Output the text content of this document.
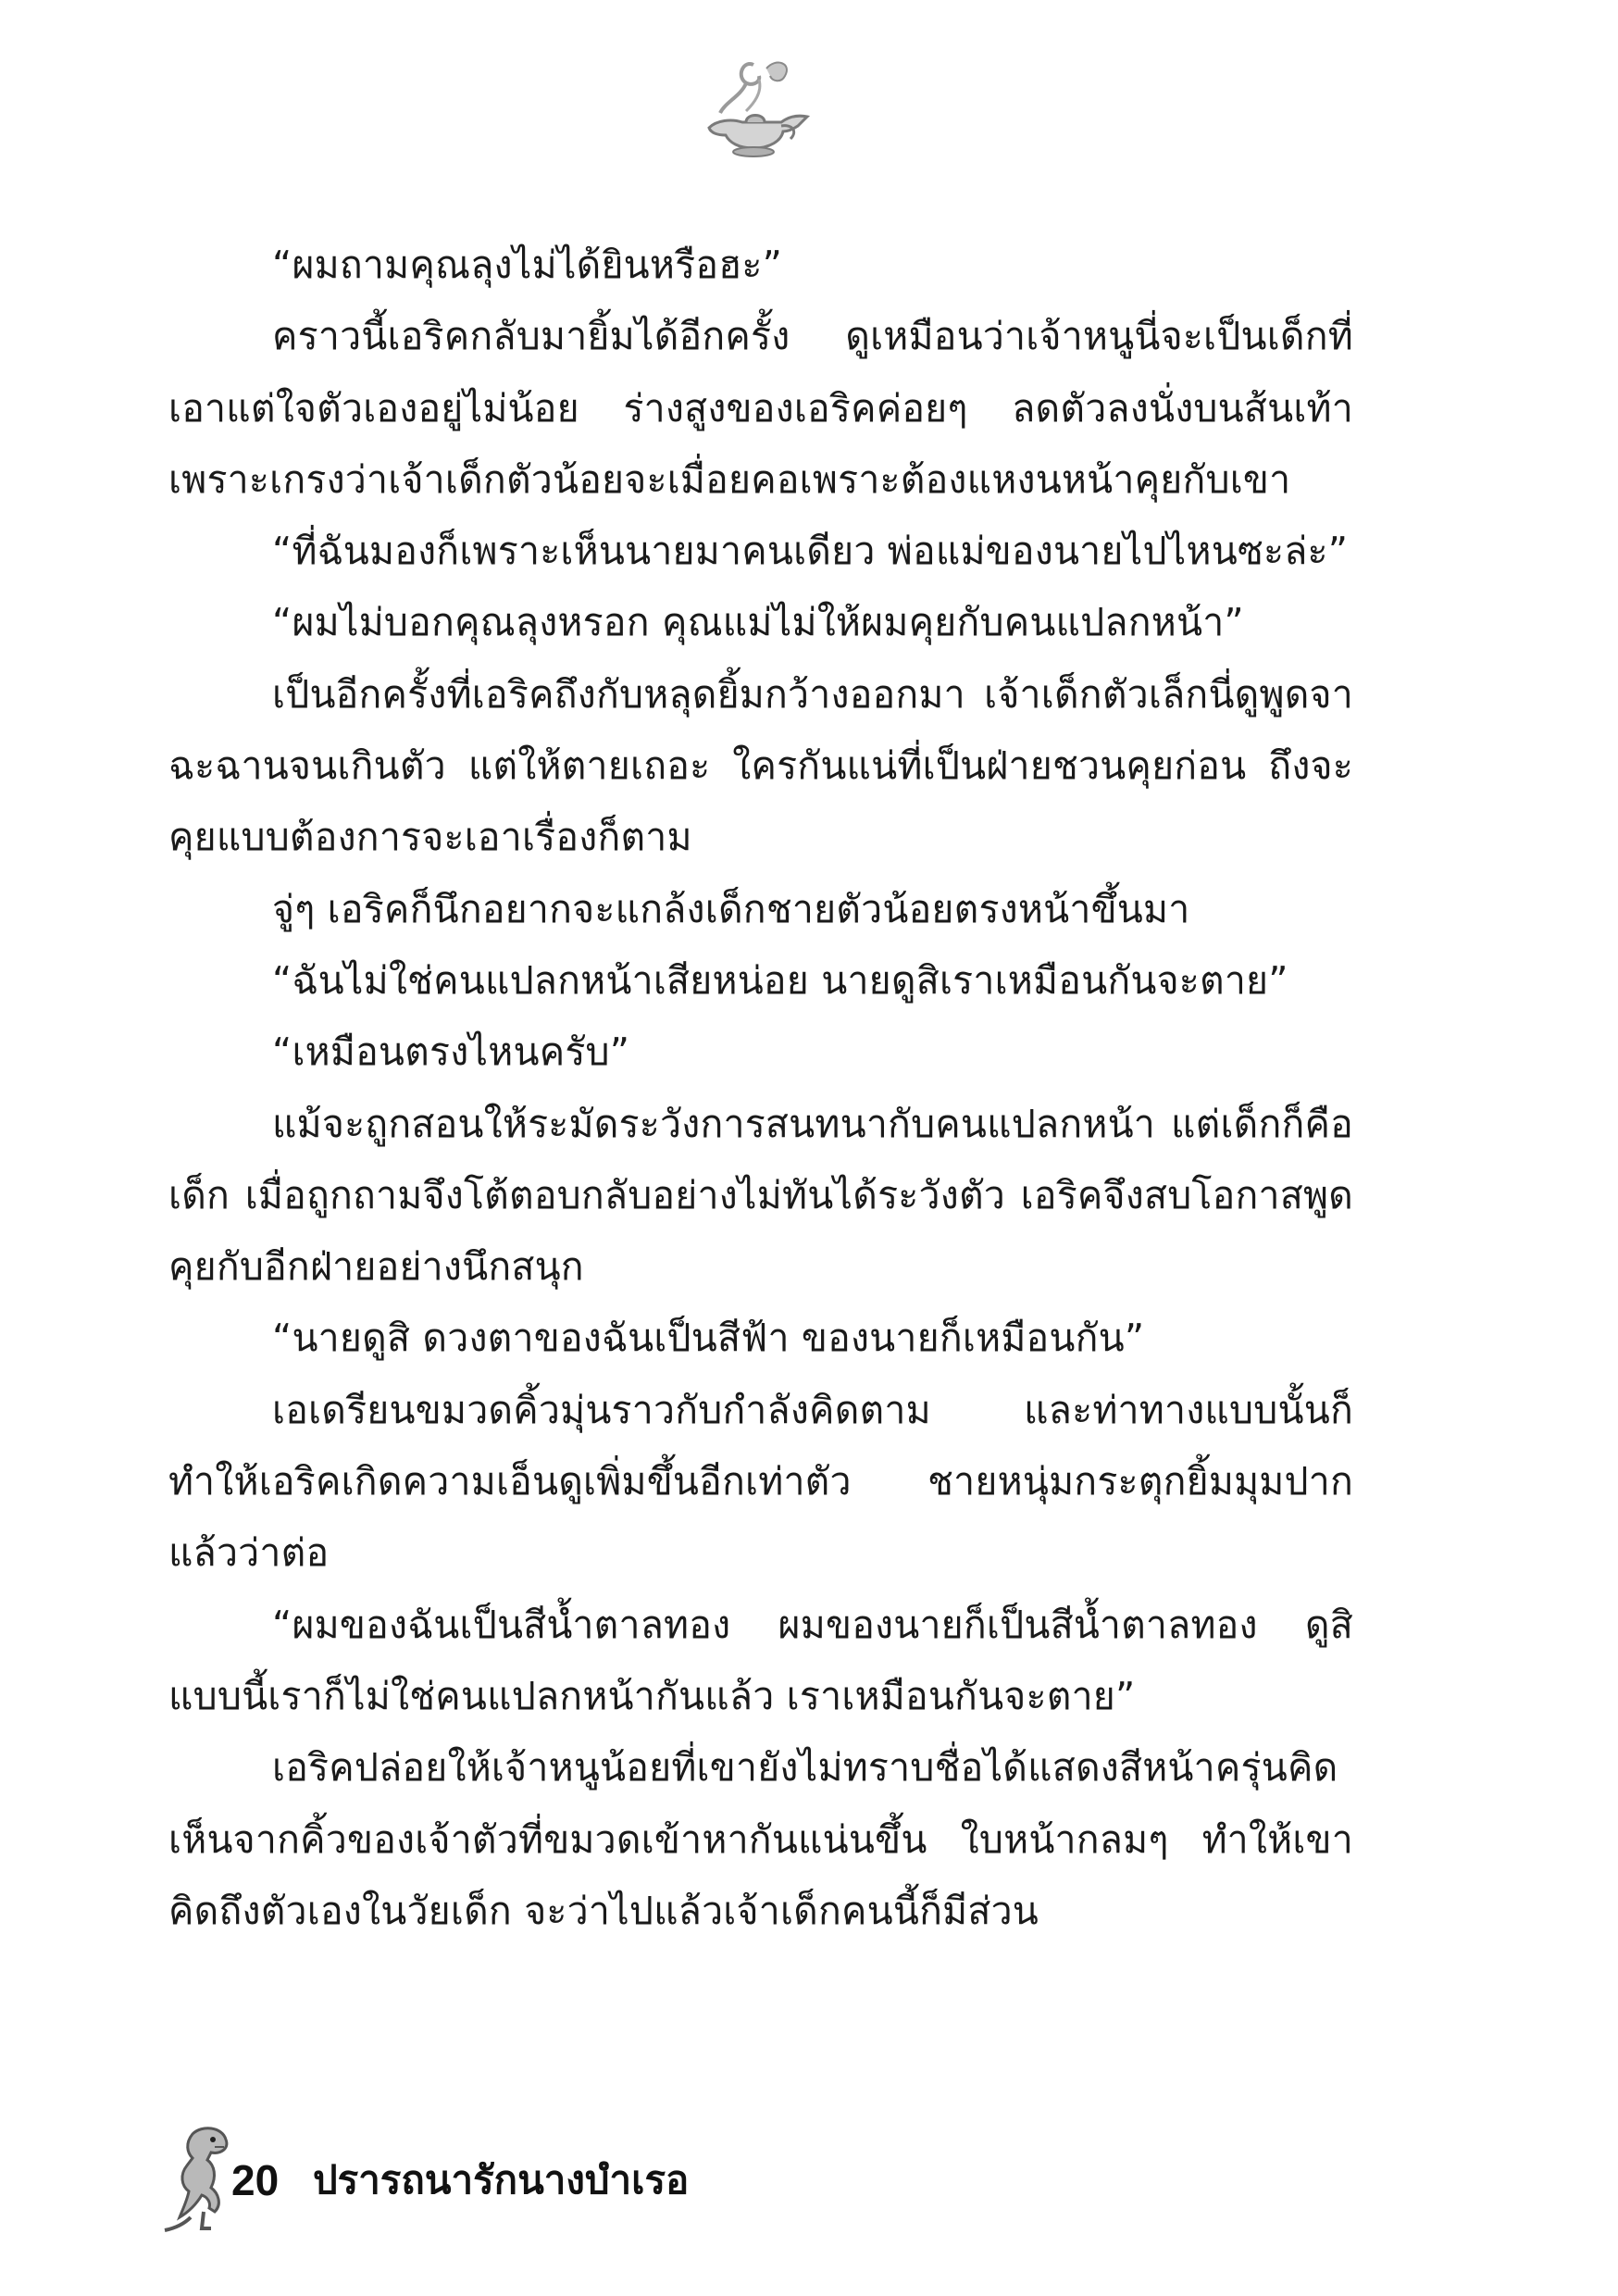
“ผมถามคุณลุงไม่ได้ยินหรือฮะ”

คราวนี้เอริคกลับมายิ้มได้อีกครั้ง ดูเหมือนว่าเจ้าหนูนี่จะเป็นเด็กที่เอาแต่ใจตัวเองอยู่ไม่น้อย ร่างสูงของเอริคค่อยๆ ลดตัวลงนั่งบนส้นเท้า เพราะเกรงว่าเจ้าเด็กตัวน้อยจะเมื่อยคอเพราะต้องแหงนหน้าคุยกับเขา

“ที่ฉันมองก็เพราะเห็นนายมาคนเดียว พ่อแม่ของนายไปไหนซะล่ะ”

“ผมไม่บอกคุณลุงหรอก คุณแม่ไม่ให้ผมคุยกับคนแปลกหน้า”

เป็นอีกครั้งที่เอริคถึงกับหลุดยิ้มกว้างออกมา เจ้าเด็กตัวเล็กนี่ดูพูดจาฉะฉานจนเกินตัว แต่ให้ตายเถอะ ใครกันแน่ที่เป็นฝ่ายชวนคุยก่อน ถึงจะคุยแบบต้องการจะเอาเรื่องก็ตาม

จู่ๆ เอริคก็นึกอยากจะแกล้งเด็กชายตัวน้อยตรงหน้าขึ้นมา

“ฉันไม่ใช่คนแปลกหน้าเสียหน่อย นายดูสิเราเหมือนกันจะตาย”

“เหมือนตรงไหนครับ”

แม้จะถูกสอนให้ระมัดระวังการสนทนากับคนแปลกหน้า แต่เด็กก็คือเด็ก เมื่อถูกถามจึงโต้ตอบกลับอย่างไม่ทันได้ระวังตัว เอริคจึงสบโอกาสพูดคุยกับอีกฝ่ายอย่างนึกสนุก

“นายดูสิ ดวงตาของฉันเป็นสีฟ้า ของนายก็เหมือนกัน”

เอเดรียนขมวดคิ้วมุ่นราวกับกำลังคิดตาม และท่าทางแบบนั้นก็ทำให้เอริคเกิดความเอ็นดูเพิ่มขึ้นอีกเท่าตัว ชายหนุ่มกระตุกยิ้มมุมปากแล้วว่าต่อ

“ผมของฉันเป็นสีน้ำตาลทอง ผมของนายก็เป็นสีน้ำตาลทอง ดูสิแบบนี้เราก็ไม่ใช่คนแปลกหน้ากันแล้ว เราเหมือนกันจะตาย”

เอริคปล่อยให้เจ้าหนูน้อยที่เขายังไม่ทราบชื่อได้แสดงสีหน้าครุ่นคิด เห็นจากคิ้วของเจ้าตัวที่ขมวดเข้าหากันแน่นขึ้น ใบหน้ากลมๆ ทำให้เขาคิดถึงตัวเองในวัยเด็ก จะว่าไปแล้วเจ้าเด็กคนนี้ก็มีส่วน

20 ปรารถนารักนางบำเรอ
